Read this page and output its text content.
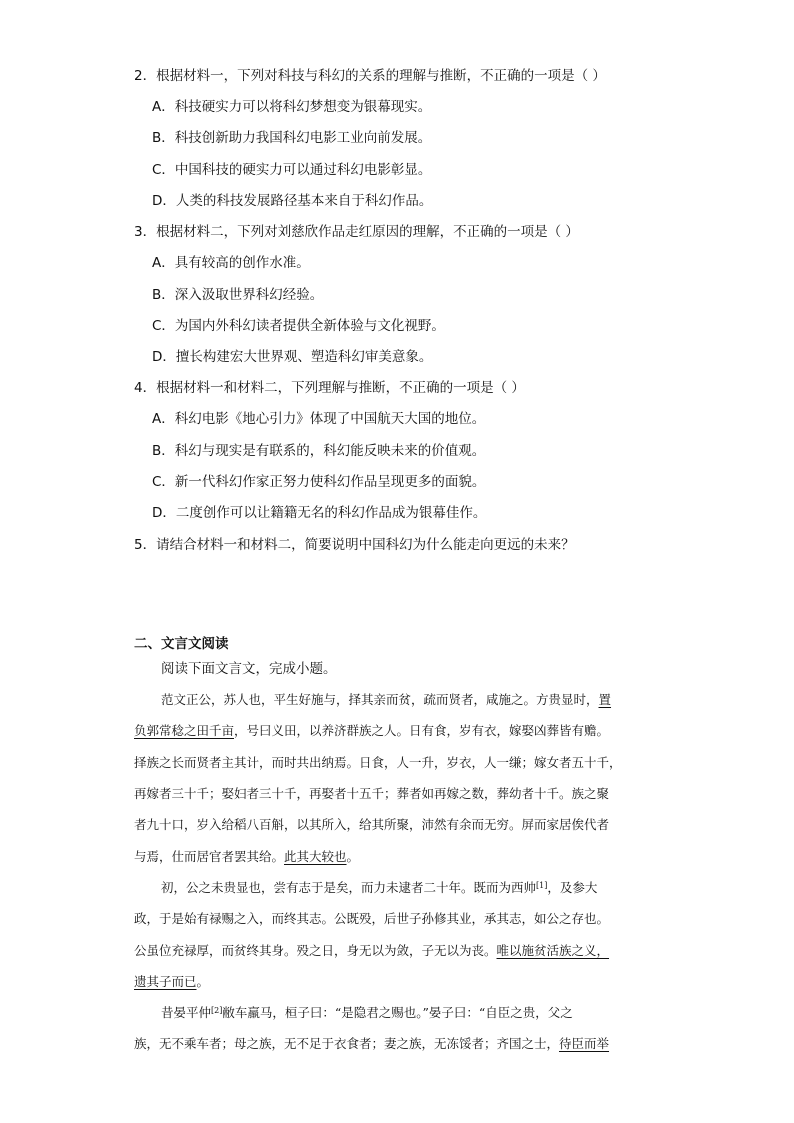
2．根据材料一，下列对科技与科幻的关系的理解与推断，不正确的一项是（ ）
A．科技硬实力可以将科幻梦想变为银幕现实。
B．科技创新助力我国科幻电影工业向前发展。
C．中国科技的硬实力可以通过科幻电影彰显。
D．人类的科技发展路径基本来自于科幻作品。
3．根据材料二，下列对刘慈欣作品走红原因的理解，不正确的一项是（ ）
A．具有较高的创作水准。
B．深入汲取世界科幻经验。
C．为国内外科幻读者提供全新体验与文化视野。
D．擅长构建宏大世界观、塑造科幻审美意象。
4．根据材料一和材料二，下列理解与推断，不正确的一项是（ ）
A．科幻电影《地心引力》体现了中国航天大国的地位。
B．科幻与现实是有联系的，科幻能反映未来的价值观。
C．新一代科幻作家正努力使科幻作品呈现更多的面貌。
D．二度创作可以让籍籍无名的科幻作品成为银幕佳作。
5．请结合材料一和材料二，简要说明中国科幻为什么能走向更远的未来？
二、文言文阅读
阅读下面文言文，完成小题。
范文正公，苏人也，平生好施与，择其亲而贫，疏而贤者，咸施之。方贵显时，置
负郭常稔之田千亩，号曰义田，以养济群族之人。日有食，岁有衣，嫁娶凶葬皆有赡。
择族之长而贤者主其计，而时共出纳焉。日食，人一升，岁衣，人一缣；嫁女者五十千，
再嫁者三十千；娶妇者三十千，再娶者十五千；葬者如再嫁之数，葬幼者十千。族之聚
者九十口，岁入给稻八百斛，以其所入，给其所聚，沛然有余而无穷。屏而家居俟代者
与焉，仕而居官者罢其给。此其大较也。
初，公之未贵显也，尝有志于是矣，而力未逮者二十年。既而为西帅[1]，及参大
政，于是始有禄赐之入，而终其志。公既殁，后世子孙修其业，承其志，如公之存也。
公虽位充禄厚，而贫终其身。殁之日，身无以为敛，子无以为丧。唯以施贫活族之义，
遗其子而已。
昔晏平仲[2]敝车羸马，桓子曰：“是隐君之赐也。”晏子曰：“自臣之贵，父之
族，无不乘车者；母之族，无不足于衣食者；妻之族，无冻馁者；齐国之士，待臣而举
